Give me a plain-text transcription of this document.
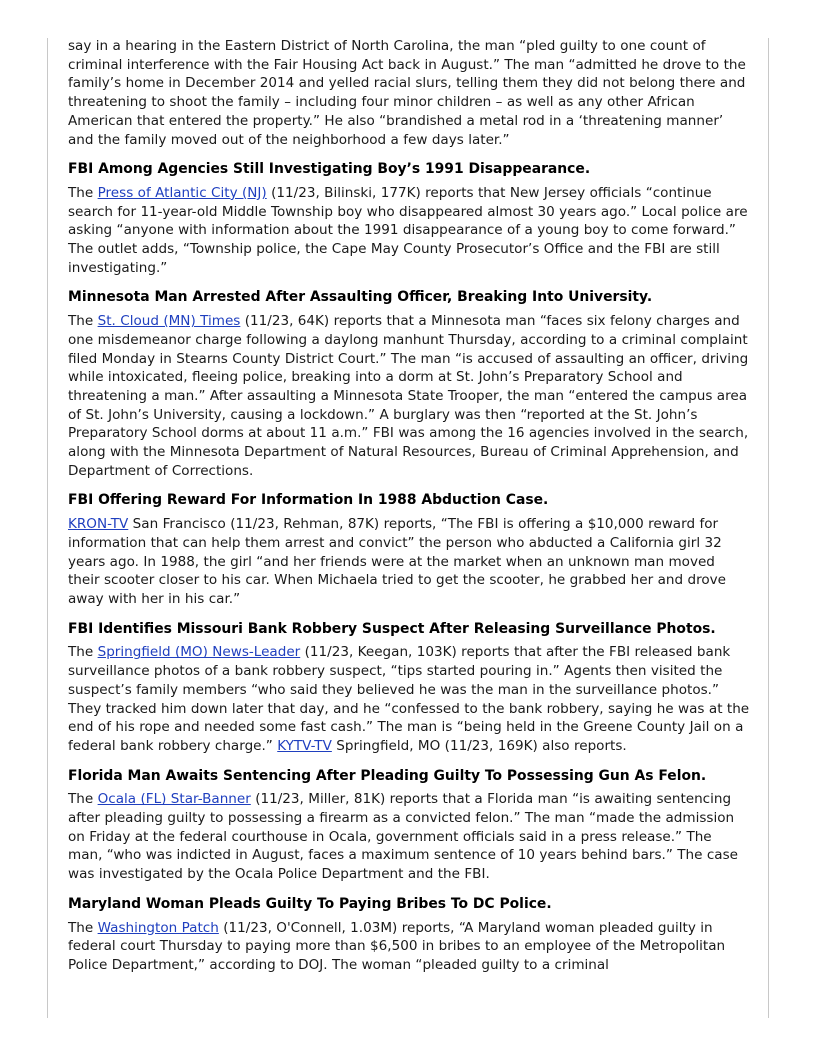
say in a hearing in the Eastern District of North Carolina, the man “pled guilty to one count of criminal interference with the Fair Housing Act back in August.” The man “admitted he drove to the family’s home in December 2014 and yelled racial slurs, telling them they did not belong there and threatening to shoot the family – including four minor children – as well as any other African American that entered the property.” He also “brandished a metal rod in a ‘threatening manner’ and the family moved out of the neighborhood a few days later.”

FBI Among Agencies Still Investigating Boy’s 1991 Disappearance.

The Press of Atlantic City (NJ) (11/23, Bilinski, 177K) reports that New Jersey officials “continue search for 11-year-old Middle Township boy who disappeared almost 30 years ago.” Local police are asking “anyone with information about the 1991 disappearance of a young boy to come forward.” The outlet adds, “Township police, the Cape May County Prosecutor’s Office and the FBI are still investigating.”

Minnesota Man Arrested After Assaulting Officer, Breaking Into University.

The St. Cloud (MN) Times (11/23, 64K) reports that a Minnesota man “faces six felony charges and one misdemeanor charge following a daylong manhunt Thursday, according to a criminal complaint filed Monday in Stearns County District Court.” The man “is accused of assaulting an officer, driving while intoxicated, fleeing police, breaking into a dorm at St. John’s Preparatory School and threatening a man.” After assaulting a Minnesota State Trooper, the man “entered the campus area of St. John’s University, causing a lockdown.” A burglary was then “reported at the St. John’s Preparatory School dorms at about 11 a.m.” FBI was among the 16 agencies involved in the search, along with the Minnesota Department of Natural Resources, Bureau of Criminal Apprehension, and Department of Corrections.

FBI Offering Reward For Information In 1988 Abduction Case.

KRON-TV San Francisco (11/23, Rehman, 87K) reports, “The FBI is offering a $10,000 reward for information that can help them arrest and convict” the person who abducted a California girl 32 years ago. In 1988, the girl “and her friends were at the market when an unknown man moved their scooter closer to his car. When Michaela tried to get the scooter, he grabbed her and drove away with her in his car.”

FBI Identifies Missouri Bank Robbery Suspect After Releasing Surveillance Photos.

The Springfield (MO) News-Leader (11/23, Keegan, 103K) reports that after the FBI released bank surveillance photos of a bank robbery suspect, “tips started pouring in.” Agents then visited the suspect’s family members “who said they believed he was the man in the surveillance photos.” They tracked him down later that day, and he “confessed to the bank robbery, saying he was at the end of his rope and needed some fast cash.” The man is “being held in the Greene County Jail on a federal bank robbery charge.” KYTV-TV Springfield, MO (11/23, 169K) also reports.

Florida Man Awaits Sentencing After Pleading Guilty To Possessing Gun As Felon.

The Ocala (FL) Star-Banner (11/23, Miller, 81K) reports that a Florida man “is awaiting sentencing after pleading guilty to possessing a firearm as a convicted felon.” The man “made the admission on Friday at the federal courthouse in Ocala, government officials said in a press release.” The man, “who was indicted in August, faces a maximum sentence of 10 years behind bars.” The case was investigated by the Ocala Police Department and the FBI.

Maryland Woman Pleads Guilty To Paying Bribes To DC Police.

The Washington Patch (11/23, O'Connell, 1.03M) reports, “A Maryland woman pleaded guilty in federal court Thursday to paying more than $6,500 in bribes to an employee of the Metropolitan Police Department,” according to DOJ. The woman “pleaded guilty to a criminal
